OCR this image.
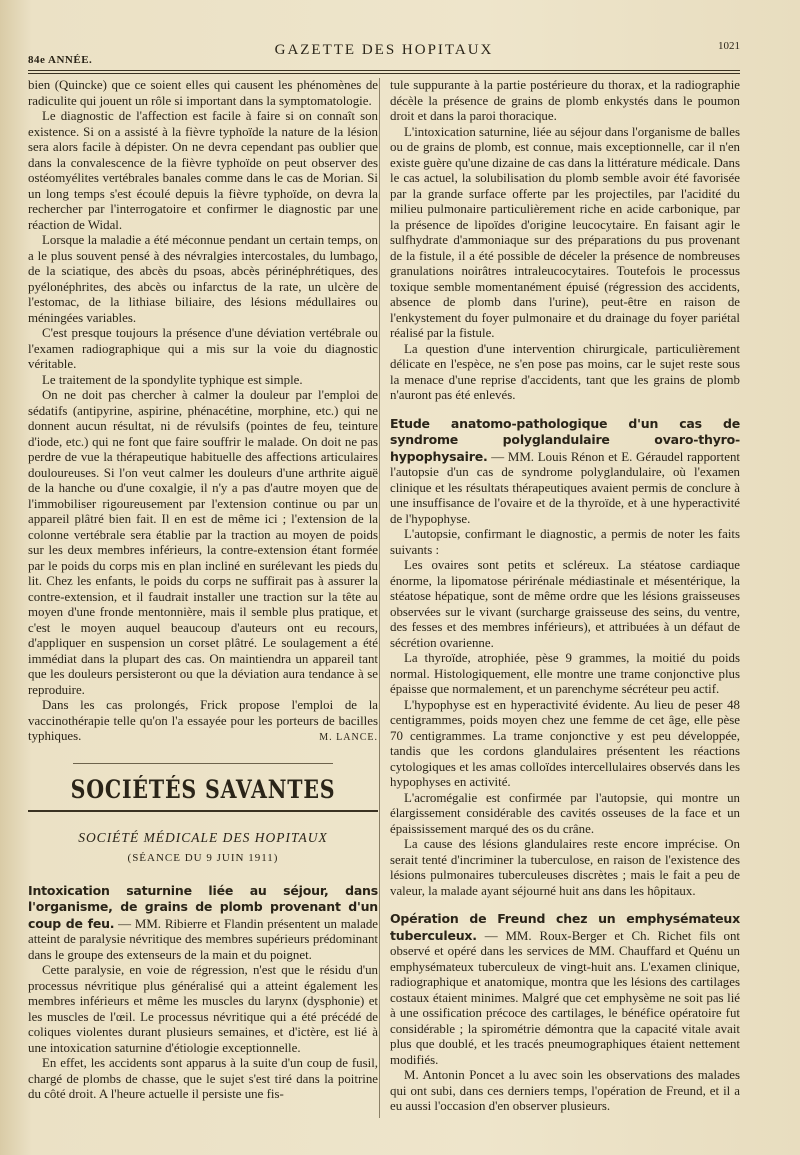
84e ANNÉE.
GAZETTE DES HOPITAUX	1021

bien (Quincke) que ce soient elles qui causent les phénomènes de radiculite qui jouent un rôle si important dans la symptomatologie.

Le diagnostic de l'affection est facile à faire si on connaît son existence. Si on a assisté à la fièvre typhoïde la nature de la lésion sera alors facile à dépister. On ne devra cependant pas oublier que dans la convalescence de la fièvre typhoïde on peut observer des ostéomyélites vertébrales banales comme dans le cas de Morian. Si un long temps s'est écoulé depuis la fièvre typhoïde, on devra la rechercher par l'interrogatoire et confirmer le diagnostic par une réaction de Widal.

Lorsque la maladie a été méconnue pendant un certain temps, on a le plus souvent pensé à des névralgies intercostales, du lumbago, de la sciatique, des abcès du psoas, abcès périnéphrétiques, des pyélonéphrites, des abcès ou infarctus de la rate, un ulcère de l'estomac, de la lithiase biliaire, des lésions médullaires ou méningées variables.

C'est presque toujours la présence d'une déviation vertébrale ou l'examen radiographique qui a mis sur la voie du diagnostic véritable.

Le traitement de la spondylite typhique est simple.

On ne doit pas chercher à calmer la douleur par l'emploi de sédatifs (antipyrine, aspirine, phénacétine, morphine, etc.) qui ne donnent aucun résultat, ni de révulsifs (pointes de feu, teinture d'iode, etc.) qui ne font que faire souffrir le malade. On doit ne pas perdre de vue la thérapeutique habituelle des affections articulaires douloureuses. Si l'on veut calmer les douleurs d'une arthrite aiguë de la hanche ou d'une coxalgie, il n'y a pas d'autre moyen que de l'immobiliser rigoureusement par l'extension continue ou par un appareil plâtré bien fait. Il en est de même ici ; l'extension de la colonne vertébrale sera établie par la traction au moyen de poids sur les deux membres inférieurs, la contre-extension étant formée par le poids du corps mis en plan incliné en surélevant les pieds du lit. Chez les enfants, le poids du corps ne suffirait pas à assurer la contre-extension, et il faudrait installer une traction sur la tête au moyen d'une fronde mentonnière, mais il semble plus pratique, et c'est le moyen auquel beaucoup d'auteurs ont eu recours, d'appliquer en suspension un corset plâtré. Le soulagement a été immédiat dans la plupart des cas. On maintiendra un appareil tant que les douleurs persisteront ou que la déviation aura tendance à se reproduire.

Dans les cas prolongés, Frick propose l'emploi de la vaccinothérapie telle qu'on l'a essayée pour les porteurs de bacilles typhiques.	M. LANCE.
SOCIÉTÉS SAVANTES
SOCIÉTÉ MÉDICALE DES HOPITAUX
(SÉANCE DU 9 JUIN 1911)

Intoxication saturnine liée au séjour, dans l'organisme, de grains de plomb provenant d'un coup de feu. — MM. Ribierre et Flandin présentent un malade atteint de paralysie névritique des membres supérieurs prédominant dans le groupe des extenseurs de la main et du poignet.

Cette paralysie, en voie de régression, n'est que le résidu d'un processus névritique plus généralisé qui a atteint également les membres inférieurs et même les muscles du larynx (dysphonie) et les muscles de l'œil. Le processus névritique qui a été précédé de coliques violentes durant plusieurs semaines, et d'ictère, est lié à une intoxication saturnine d'étiologie exceptionnelle.

En effet, les accidents sont apparus à la suite d'un coup de fusil, chargé de plombs de chasse, que le sujet s'est tiré dans la poitrine du côté droit. A l'heure actuelle il persiste une fis-

tule suppurante à la partie postérieure du thorax, et la radiographie décèle la présence de grains de plomb enkystés dans le poumon droit et dans la paroi thoracique.

L'intoxication saturnine, liée au séjour dans l'organisme de balles ou de grains de plomb, est connue, mais exceptionnelle, car il n'en existe guère qu'une dizaine de cas dans la littérature médicale. Dans le cas actuel, la solubilisation du plomb semble avoir été favorisée par la grande surface offerte par les projectiles, par l'acidité du milieu pulmonaire particulièrement riche en acide carbonique, par la présence de lipoïdes d'origine leucocytaire. En faisant agir le sulfhydrate d'ammoniaque sur des préparations du pus provenant de la fistule, il a été possible de déceler la présence de nombreuses granulations noirâtres intraleucocytaires. Toutefois le processus toxique semble momentanément épuisé (régression des accidents, absence de plomb dans l'urine), peut-être en raison de l'enkystement du foyer pulmonaire et du drainage du foyer pariétal réalisé par la fistule.

La question d'une intervention chirurgicale, particulièrement délicate en l'espèce, ne s'en pose pas moins, car le sujet reste sous la menace d'une reprise d'accidents, tant que les grains de plomb n'auront pas été enlevés.

Etude anatomo-pathologique d'un cas de syndrome polyglandulaire ovaro-thyro-hypophysaire. — MM. Louis Rénon et E. Géraudel rapportent l'autopsie d'un cas de syndrome polyglandulaire, où l'examen clinique et les résultats thérapeutiques avaient permis de conclure à une insuffisance de l'ovaire et de la thyroïde, et à une hyperactivité de l'hypophyse.

L'autopsie, confirmant le diagnostic, a permis de noter les faits suivants :

Les ovaires sont petits et scléreux. La stéatose cardiaque énorme, la lipomatose périrénale médiastinale et mésentérique, la stéatose hépatique, sont de même ordre que les lésions graisseuses observées sur le vivant (surcharge graisseuse des seins, du ventre, des fesses et des membres inférieurs), et attribuées à un défaut de sécrétion ovarienne.

La thyroïde, atrophiée, pèse 9 grammes, la moitié du poids normal. Histologiquement, elle montre une trame conjonctive plus épaisse que normalement, et un parenchyme sécréteur peu actif.

L'hypophyse est en hyperactivité évidente. Au lieu de peser 48 centigrammes, poids moyen chez une femme de cet âge, elle pèse 70 centigrammes. La trame conjonctive y est peu développée, tandis que les cordons glandulaires présentent les réactions cytologiques et les amas colloïdes intercellulaires observés dans les hypophyses en activité.

L'acromégalie est confirmée par l'autopsie, qui montre un élargissement considérable des cavités osseuses de la face et un épaississement marqué des os du crâne.

La cause des lésions glandulaires reste encore imprécise. On serait tenté d'incriminer la tuberculose, en raison de l'existence des lésions pulmonaires tuberculeuses discrètes ; mais le fait a peu de valeur, la malade ayant séjourné huit ans dans les hôpitaux.

Opération de Freund chez un emphysémateux tuberculeux. — MM. Roux-Berger et Ch. Richet fils ont observé et opéré dans les services de MM. Chauffard et Quénu un emphysémateux tuberculeux de vingt-huit ans. L'examen clinique, radiographique et anatomique, montra que les lésions des cartilages costaux étaient minimes. Malgré que cet emphysème ne soit pas lié à une ossification précoce des cartilages, le bénéfice opératoire fut considérable ; la spirométrie démontra que la capacité vitale avait plus que doublé, et les tracés pneumographiques étaient nettement modifiés.

M. Antonin Poncet a lu avec soin les observations des malades qui ont subi, dans ces derniers temps, l'opération de Freund, et il a eu aussi l'occasion d'en observer plusieurs.
